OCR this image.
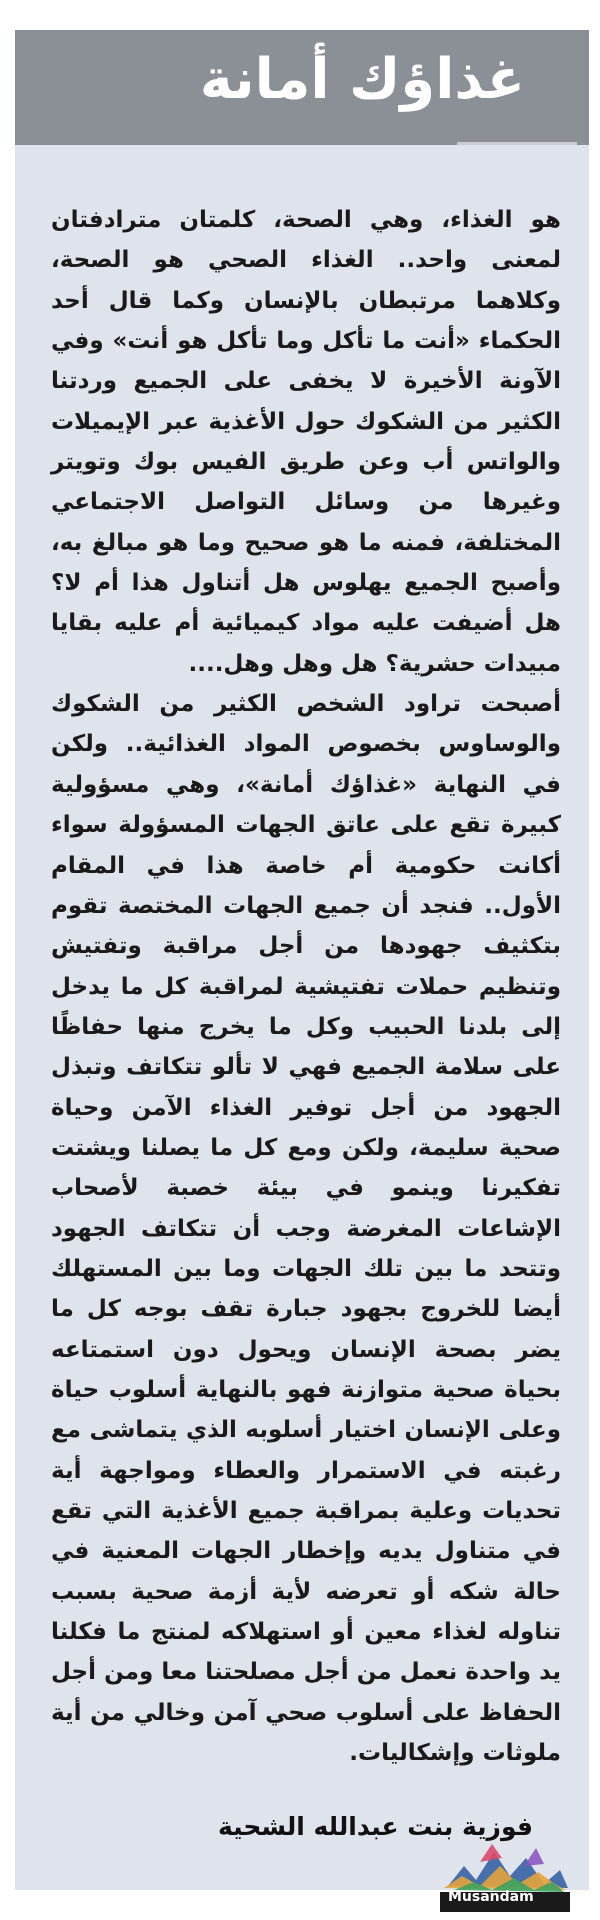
غذاؤك أمانة

هو الغذاء، وهي الصحة، كلمتان مترادفتان لمعنى واحد.. الغذاء الصحي هو الصحة، وكلاهما مرتبطان بالإنسان وكما قال أحد الحكماء «أنت ما تأكل وما تأكل هو أنت» وفي الآونة الأخيرة لا يخفى على الجميع وردتنا الكثير من الشكوك حول الأغذية عبر الإيميلات والواتس أب وعن طريق الفيس بوك وتويتر وغيرها من وسائل التواصل الاجتماعي المختلفة، فمنه ما هو صحيح وما هو مبالغ به، وأصبح الجميع يهلوس هل أتناول هذا أم لا؟ هل أضيفت عليه مواد كيميائية أم عليه بقايا مبيدات حشرية؟ هل وهل وهل....

أصبحت تراود الشخص الكثير من الشكوك والوساوس بخصوص المواد الغذائية.. ولكن في النهاية «غذاؤك أمانة»، وهي مسؤولية كبيرة تقع على عاتق الجهات المسؤولة سواء أكانت حكومية أم خاصة هذا في المقام الأول.. فنجد أن جميع الجهات المختصة تقوم بتكثيف جهودها من أجل مراقبة وتفتيش وتنظيم حملات تفتيشية لمراقبة كل ما يدخل إلى بلدنا الحبيب وكل ما يخرج منها حفاظًا على سلامة الجميع فهي لا تألو تتكاتف وتبذل الجهود من أجل توفير الغذاء الآمن وحياة صحية سليمة، ولكن ومع كل ما يصلنا ويشتت تفكيرنا وينمو في بيئة خصبة لأصحاب الإشاعات المغرضة وجب أن تتكاتف الجهود وتتحد ما بين تلك الجهات وما بين المستهلك أيضا للخروج بجهود جبارة تقف بوجه كل ما يضر بصحة الإنسان ويحول دون استمتاعه بحياة صحية متوازنة فهو بالنهاية أسلوب حياة وعلى الإنسان اختيار أسلوبه الذي يتماشى مع رغبته في الاستمرار والعطاء ومواجهة أية تحديات وعلية بمراقبة جميع الأغذية التي تقع في متناول يديه وإخطار الجهات المعنية في حالة شكه أو تعرضه لأية أزمة صحية بسبب تناوله لغذاء معين أو استهلاكه لمنتج ما فكلنا يد واحدة نعمل من أجل مصلحتنا معا ومن أجل الحفاظ على أسلوب صحي آمن وخالي من أية ملوثات وإشكاليات.

فوزية بنت عبدالله الشحية
Musandam
